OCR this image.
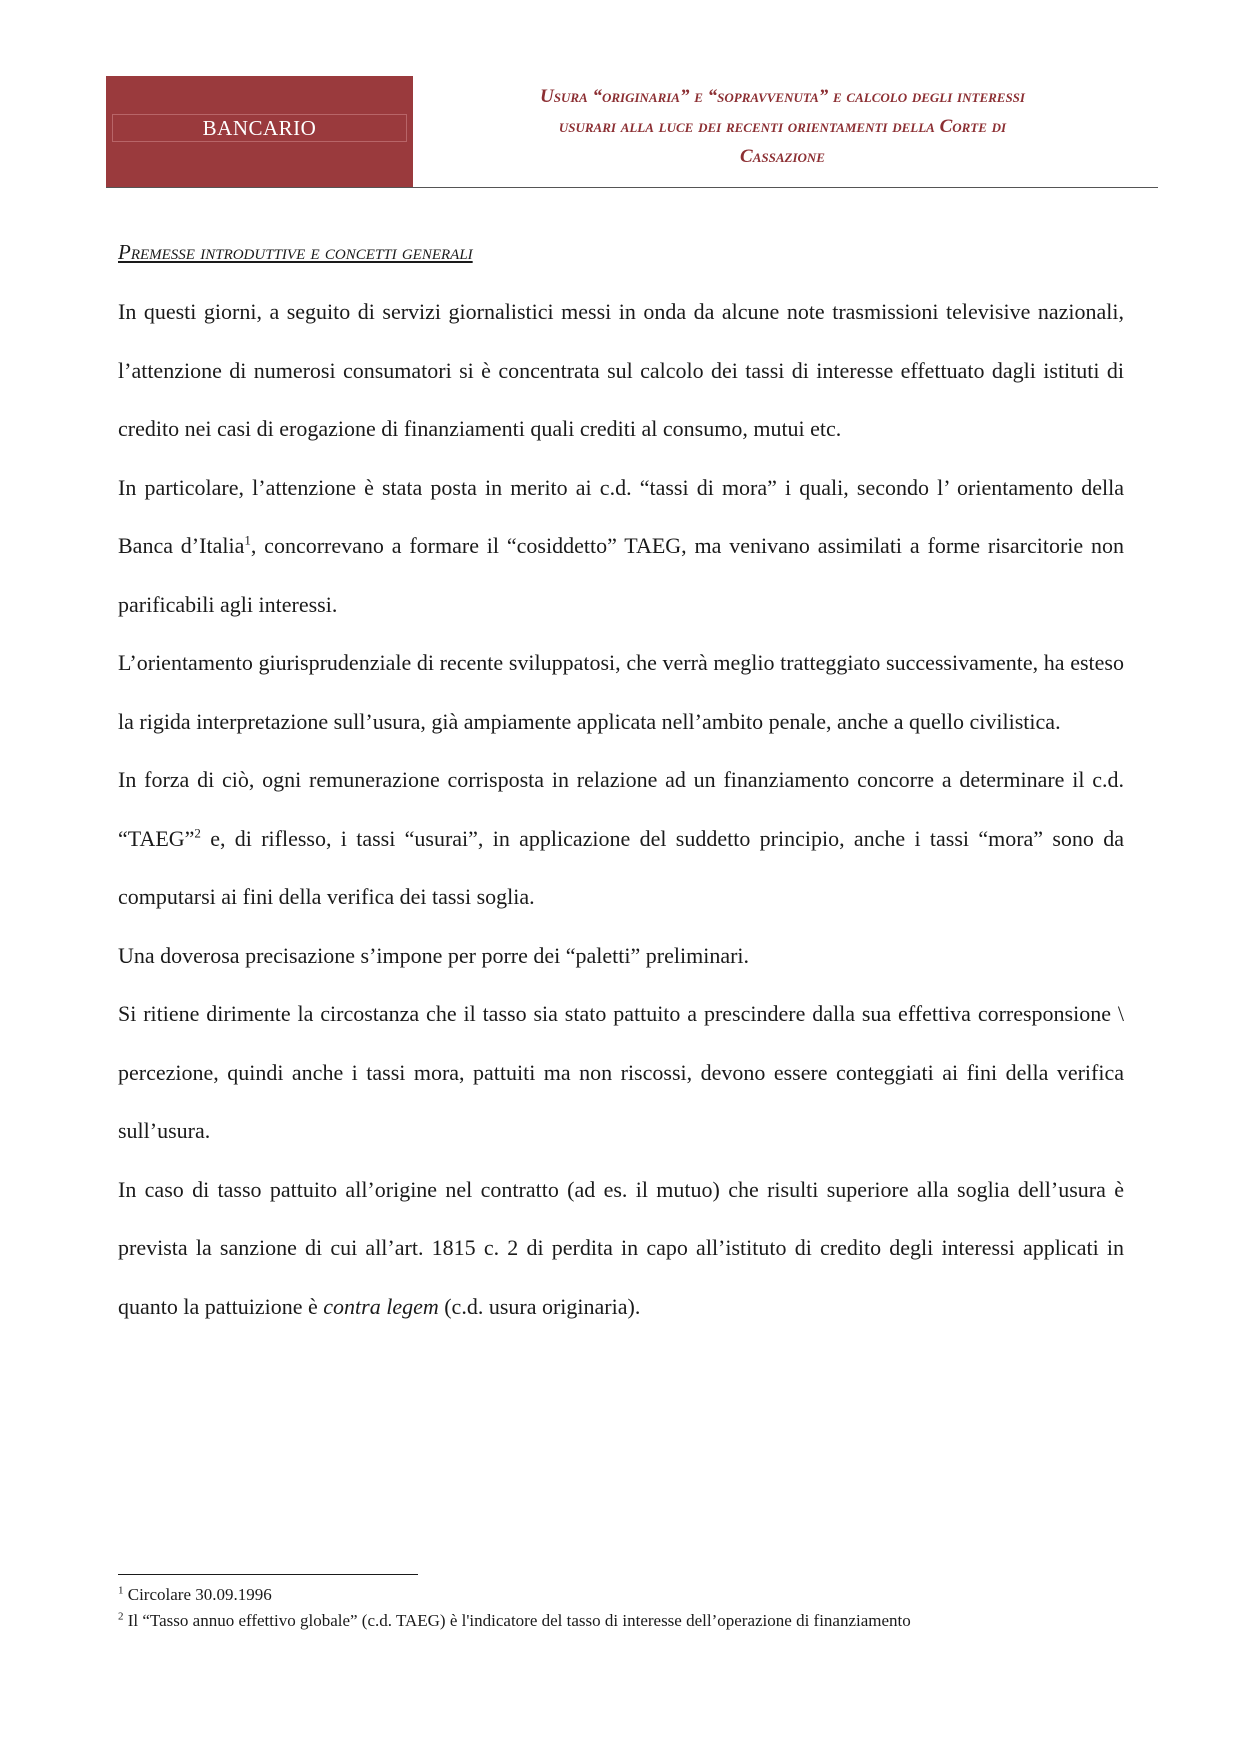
BANCARIO
Usura “originaria” e “sopravvenuta” e calcolo degli interessi
usurari alla luce dei recenti orientamenti della Corte di
Cassazione
Premesse introduttive e concetti generali

In questi giorni, a seguito di servizi giornalistici messi in onda da alcune note trasmissioni televisive nazionali, l’attenzione di numerosi consumatori si è concentrata sul calcolo dei tassi di interesse effettuato dagli istituti di credito nei casi di erogazione di finanziamenti quali crediti al consumo, mutui etc.

In particolare, l’attenzione è stata posta in merito ai c.d. “tassi di mora” i quali, secondo l’ orientamento della Banca d’Italia$^1$, concorrevano a formare il “cosiddetto” TAEG, ma venivano assimilati a forme risarcitorie non parificabili agli interessi.

L’orientamento giurisprudenziale di recente sviluppatosi, che verrà meglio tratteggiato successivamente, ha esteso la rigida interpretazione sull’usura, già ampiamente applicata nell’ambito penale, anche a quello civilistica.

In forza di ciò, ogni remunerazione corrisposta in relazione ad un finanziamento concorre a determinare il c.d. “TAEG”$^2$ e, di riflesso, i tassi “usurai”, in applicazione del suddetto principio, anche i tassi “mora” sono da computarsi ai fini della verifica dei tassi soglia.

Una doverosa precisazione s’impone per porre dei “paletti” preliminari.

Si ritiene dirimente la circostanza che il tasso sia stato pattuito a prescindere dalla sua effettiva corresponsione \ percezione, quindi anche i tassi mora, pattuiti ma non riscossi, devono essere conteggiati ai fini della verifica sull’usura.

In caso di tasso pattuito all’origine nel contratto (ad es. il mutuo) che risulti superiore alla soglia dell’usura è prevista la sanzione di cui all’art. 1815 c. 2 di perdita in capo all’istituto di credito degli interessi applicati in quanto la pattuizione è contra legem (c.d. usura originaria).

$^1$ Circolare 30.09.1996
$^2$ Il “Tasso annuo effettivo globale” (c.d. TAEG) è l'indicatore del tasso di interesse dell’operazione di finanziamento
